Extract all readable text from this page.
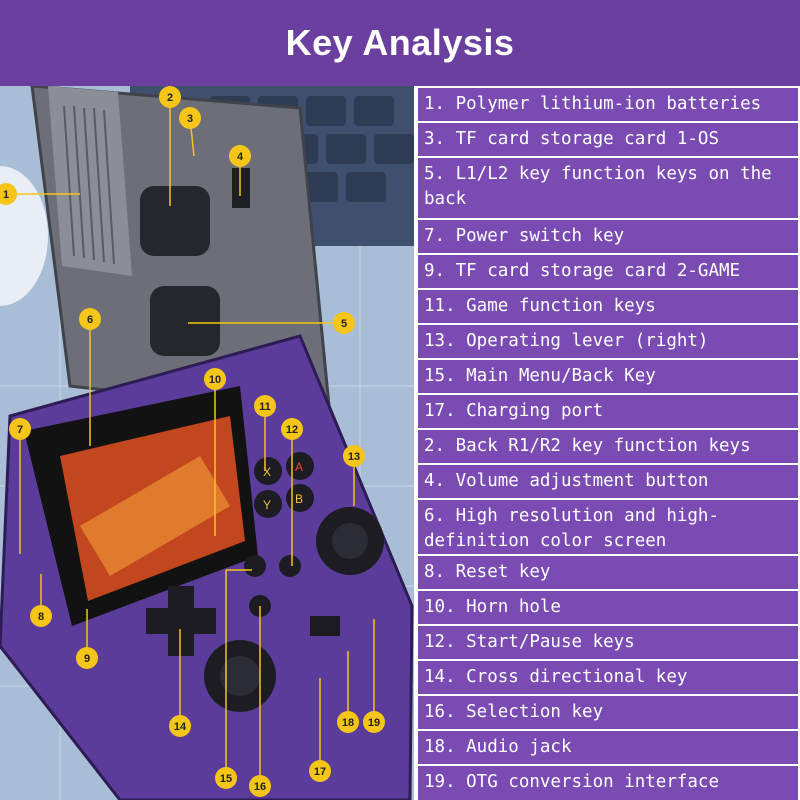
Key Analysis
X A
Y B
1
2
3
4
5
6
7
8
9
10
11
12
13
14
15
16
17
18 19
1. Polymer lithium-ion batteries
3. TF card storage card 1-OS
5. L1/L2 key function keys on the back
7. Power switch key
9. TF card storage card 2-GAME
11. Game function keys
13. Operating lever (right)
15. Main Menu/Back Key
17. Charging port
2. Back R1/R2 key function keys
4. Volume adjustment button
6. High resolution and high-definition color screen
8. Reset key
10. Horn hole
12. Start/Pause keys
14. Cross directional key
16. Selection key
18. Audio jack
19. OTG conversion interface
